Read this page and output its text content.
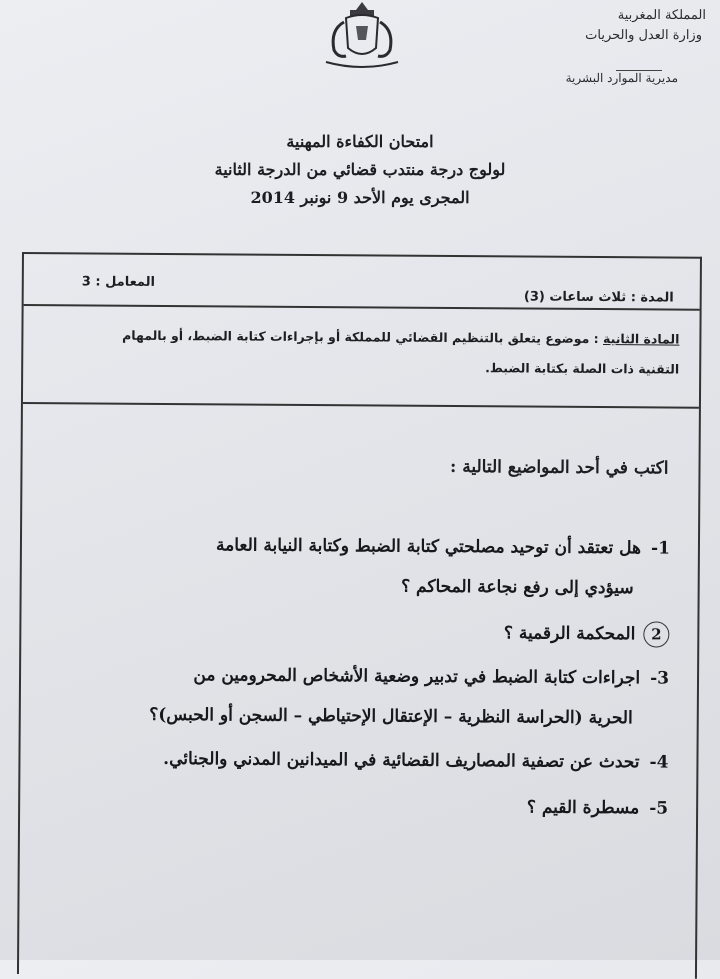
المملكة المغربية
وزارة العدل والحريات
مديرية الموارد البشرية
امتحان الكفاءة المهنية
لولوج درجة منتدب قضائي من الدرجة الثانية
المجرى يوم الأحد 9 نونبر 2014
المعامل : 3
المدة : ثلاث ساعات (3)
المادة الثانية : موضوع يتعلق بالتنظيم القضائي للمملكة أو بإجراءات كتابة الضبط، أو بالمهام
التقنية ذات الصلة بكتابة الضبط.
اكتب في أحد المواضيع التالية :
1-هل تعتقد أن توحيد مصلحتي كتابة الضبط وكتابة النيابة العامة
سيؤدي إلى رفع نجاعة المحاكم ؟
2المحكمة الرقمية ؟
3-اجراءات كتابة الضبط في تدبير وضعية الأشخاص المحرومين من
الحرية (الحراسة النظرية – الإعتقال الإحتياطي – السجن أو الحبس)؟
4-تحدث عن تصفية المصاريف القضائية في الميدانين المدني والجنائي.
5-مسطرة القيم ؟
